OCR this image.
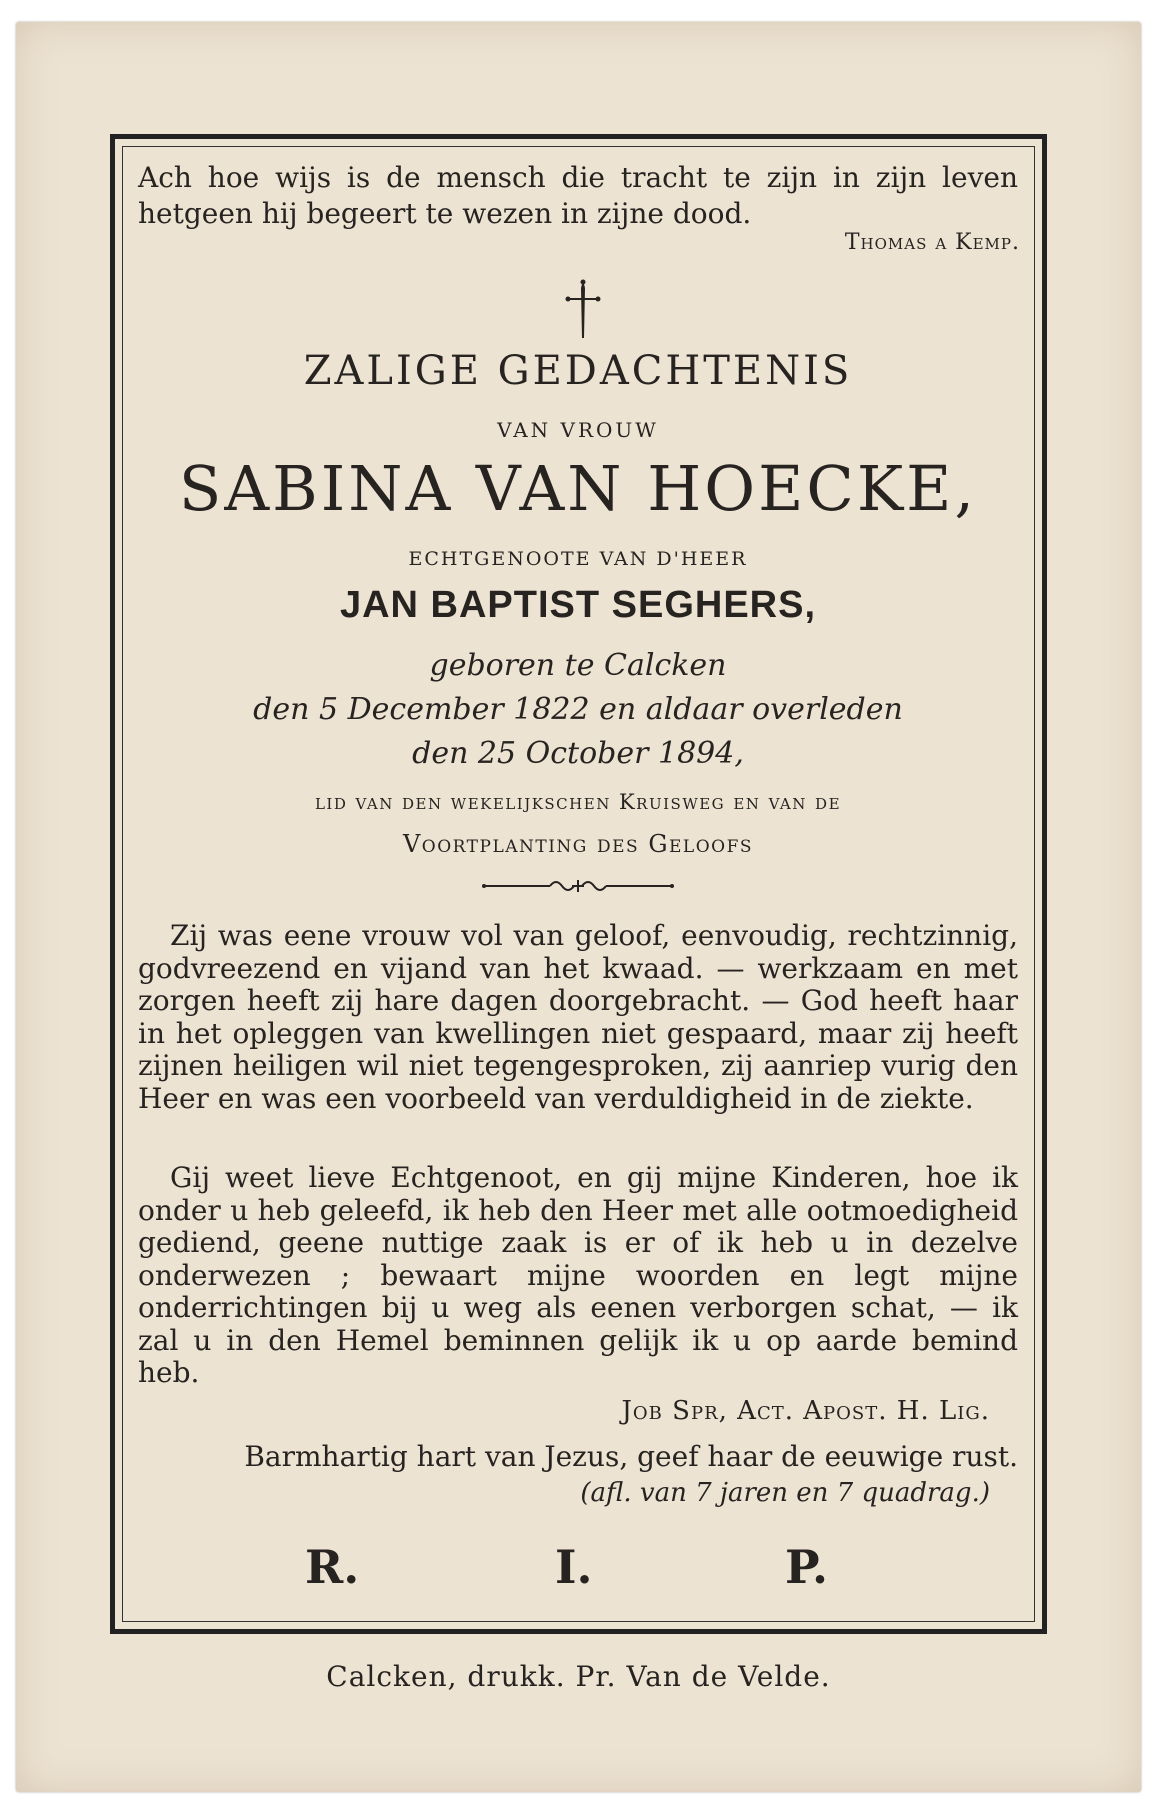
Ach hoe wijs is de mensch die tracht te zijn in zijn leven hetgeen hij begeert te wezen in zijne dood.
Thomas a Kemp.
ZALIGE GEDACHTENIS
VAN VROUW
SABINA VAN HOECKE,
ECHTGENOOTE VAN D'HEER
JAN BAPTIST SEGHERS,
geboren te Calcken
den 5 December 1822 en aldaar overleden
den 25 October 1894,
lid van den wekelijkschen Kruisweg en van de
Voortplanting des Geloofs
Zij was eene vrouw vol van geloof, eenvoudig, rechtzinnig, godvreezend en vijand van het kwaad. — werkzaam en met zorgen heeft zij hare dagen doorgebracht. — God heeft haar in het opleggen van kwellingen niet gespaard, maar zij heeft zijnen heiligen wil niet tegengesproken, zij aanriep vurig den Heer en was een voorbeeld van verduldigheid in de ziekte.
Gij weet lieve Echtgenoot, en gij mijne Kinderen, hoe ik onder u heb geleefd, ik heb den Heer met alle ootmoedigheid gediend, geene nuttige zaak is er of ik heb u in dezelve onderwezen ; bewaart mijne woorden en legt mijne onderrichtingen bij u weg als eenen verborgen schat, — ik zal u in den Hemel beminnen gelijk ik u op aarde bemind heb.
Job Spr, Act. Apost. H. Lig.
Barmhartig hart van Jezus, geef haar de eeuwige rust.
(afl. van 7 jaren en 7 quadrag.)
R.	I.	P.
Calcken, drukk. Pr. Van de Velde.
